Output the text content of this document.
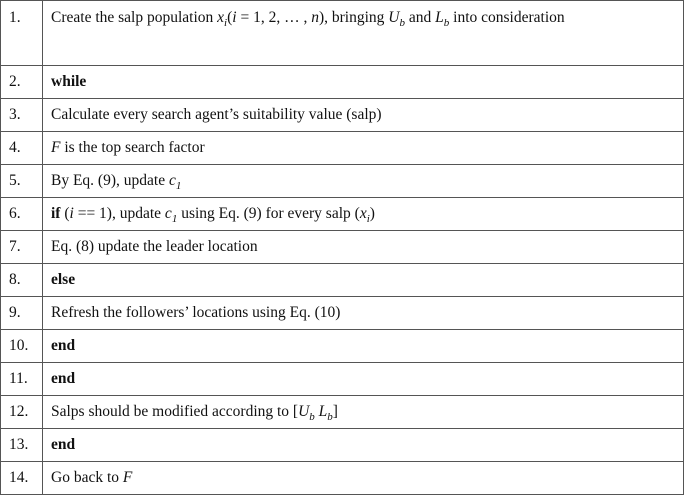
1.	Create the salp population $x_i(i = 1$, 2, … , n), bringing $U_b$ and $L_b$ into consideration
2.	while
3.	Calculate every search agent’s suitability value (salp)
4.	F is the top search factor
5.	By Eq. (9), update $c_1$
6.	if (i == 1), update $c_1$ using Eq. (9) for every salp $(x_i)$
7.	Eq. (8) update the leader location
8.	else
9.	Refresh the followers’ locations using Eq. (10)
10.	end
11.	end
12.	Salps should be modified according to [$U_b$ $L_b$]
13.	end
14.	Go back to F
